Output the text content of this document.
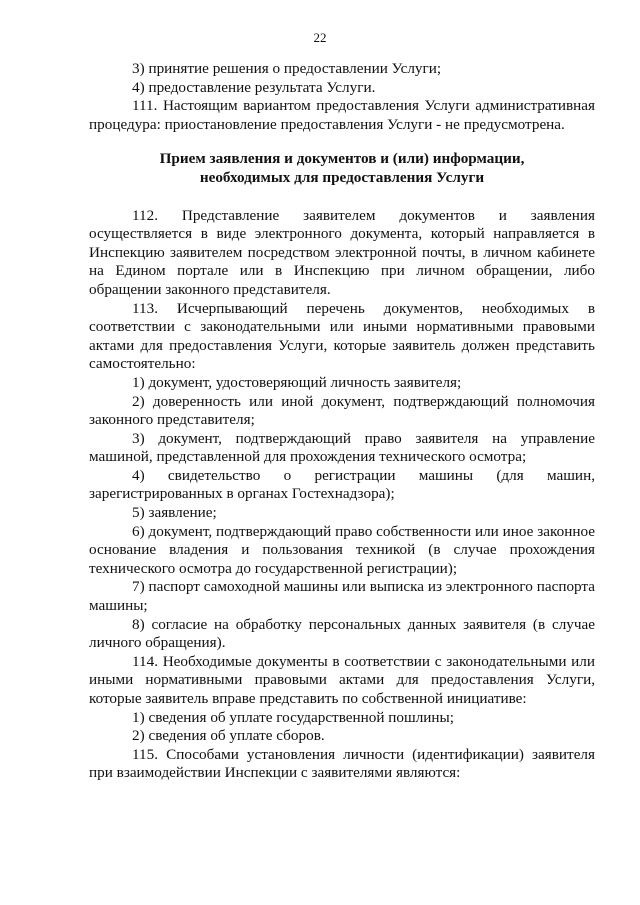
22

3) принятие решения о предоставлении Услуги;

4) предоставление результата Услуги.

111. Настоящим вариантом предоставления Услуги административная процедура: приостановление предоставления Услуги - не предусмотрена.

Прием заявления и документов и (или) информации,
необходимых для предоставления Услуги

112. Представление заявителем документов и заявления осуществляется в виде электронного документа, который направляется в Инспекцию заявителем посредством электронной почты, в личном кабинете на Едином портале или в Инспекцию при личном обращении, либо обращении законного представителя.

113. Исчерпывающий перечень документов, необходимых в соответствии с законодательными или иными нормативными правовыми актами для предоставления Услуги, которые заявитель должен представить самостоятельно:

1) документ, удостоверяющий личность заявителя;

2) доверенность или иной документ, подтверждающий полномочия законного представителя;

3) документ, подтверждающий право заявителя на управление машиной, представленной для прохождения технического осмотра;

4) свидетельство о регистрации машины (для машин, зарегистрированных в органах Гостехнадзора);

5) заявление;

6) документ, подтверждающий право собственности или иное законное основание владения и пользования техникой (в случае прохождения технического осмотра до государственной регистрации);

7) паспорт самоходной машины или выписка из электронного паспорта машины;

8) согласие на обработку персональных данных заявителя (в случае личного обращения).

114. Необходимые документы в соответствии с законодательными или иными нормативными правовыми актами для предоставления Услуги, которые заявитель вправе представить по собственной инициативе:

1) сведения об уплате государственной пошлины;

2) сведения об уплате сборов.

115. Способами установления личности (идентификации) заявителя при взаимодействии Инспекции с заявителями являются:
